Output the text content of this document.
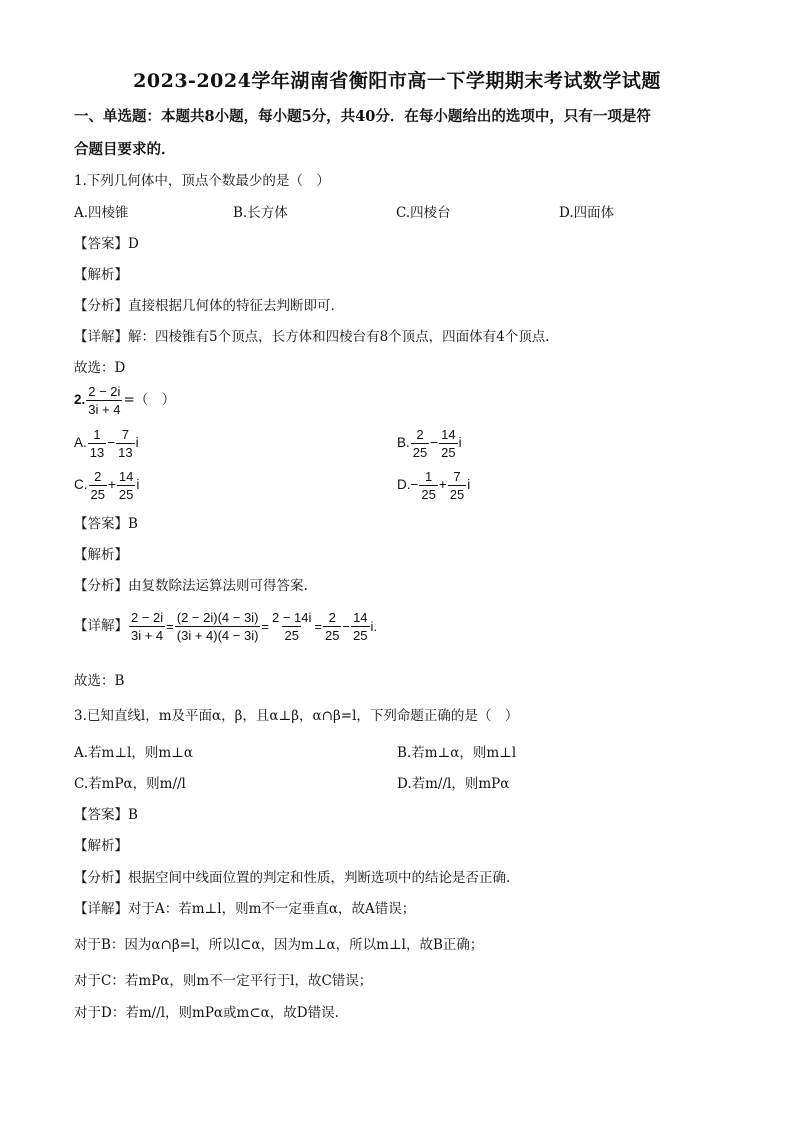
2023-2024学年湖南省衡阳市高一下学期期末考试数学试题
一、单选题：本题共8小题，每小题5分，共40分．在每小题给出的选项中，只有一项是符
合题目要求的．
1.下列几何体中，顶点个数最少的是（　）
A.四棱锥	B.长方体	C.四棱台	D.四面体
【答案】D
【解析】
【分析】直接根据几何体的特征去判断即可．
【详解】解：四棱锥有5个顶点，长方体和四棱台有8个顶点，四面体有4个顶点．
故选：D
2. $\frac{2 - 2i}{3i + 4}$ =（　）
A. $\frac{1}{13} - \frac{7}{13}$ i	B. $\frac{2}{25} - \frac{14}{25}$ i
C. $\frac{2}{25} + \frac{14}{25}$ i	$D.- \frac{1}{25} + \frac{7}{25}$ i
【答案】B
【解析】
【分析】由复数除法运算法则可得答案.
【详解】 $\frac{2 - 2i}{3i + 4} = \frac{(2 - 2i)(4 - 3i)}{(3i + 4)(4 - 3i)} = \frac{2 - 14i}{25} = \frac{2}{25} - \frac{14}{25}$ i .
故选：B
3.已知直线l，m及平面α，β，且α⊥β，α∩β=l，下列命题正确的是（　）
A.若m⊥l，则m⊥α	B.若m⊥α，则m⊥l
C.若mPα，则m//l	D.若m//l，则mPα
【答案】B
【解析】
【分析】根据空间中线面位置的判定和性质，判断选项中的结论是否正确.
【详解】对于A：若m⊥l，则m不一定垂直α，故A错误；
对于B：因为α∩β=l，所以l⊂α，因为m⊥α，所以m⊥l，故B正确；
对于C：若mPα，则m不一定平行于l，故C错误；
对于D：若m//l，则mPα或m⊂α，故D错误.
